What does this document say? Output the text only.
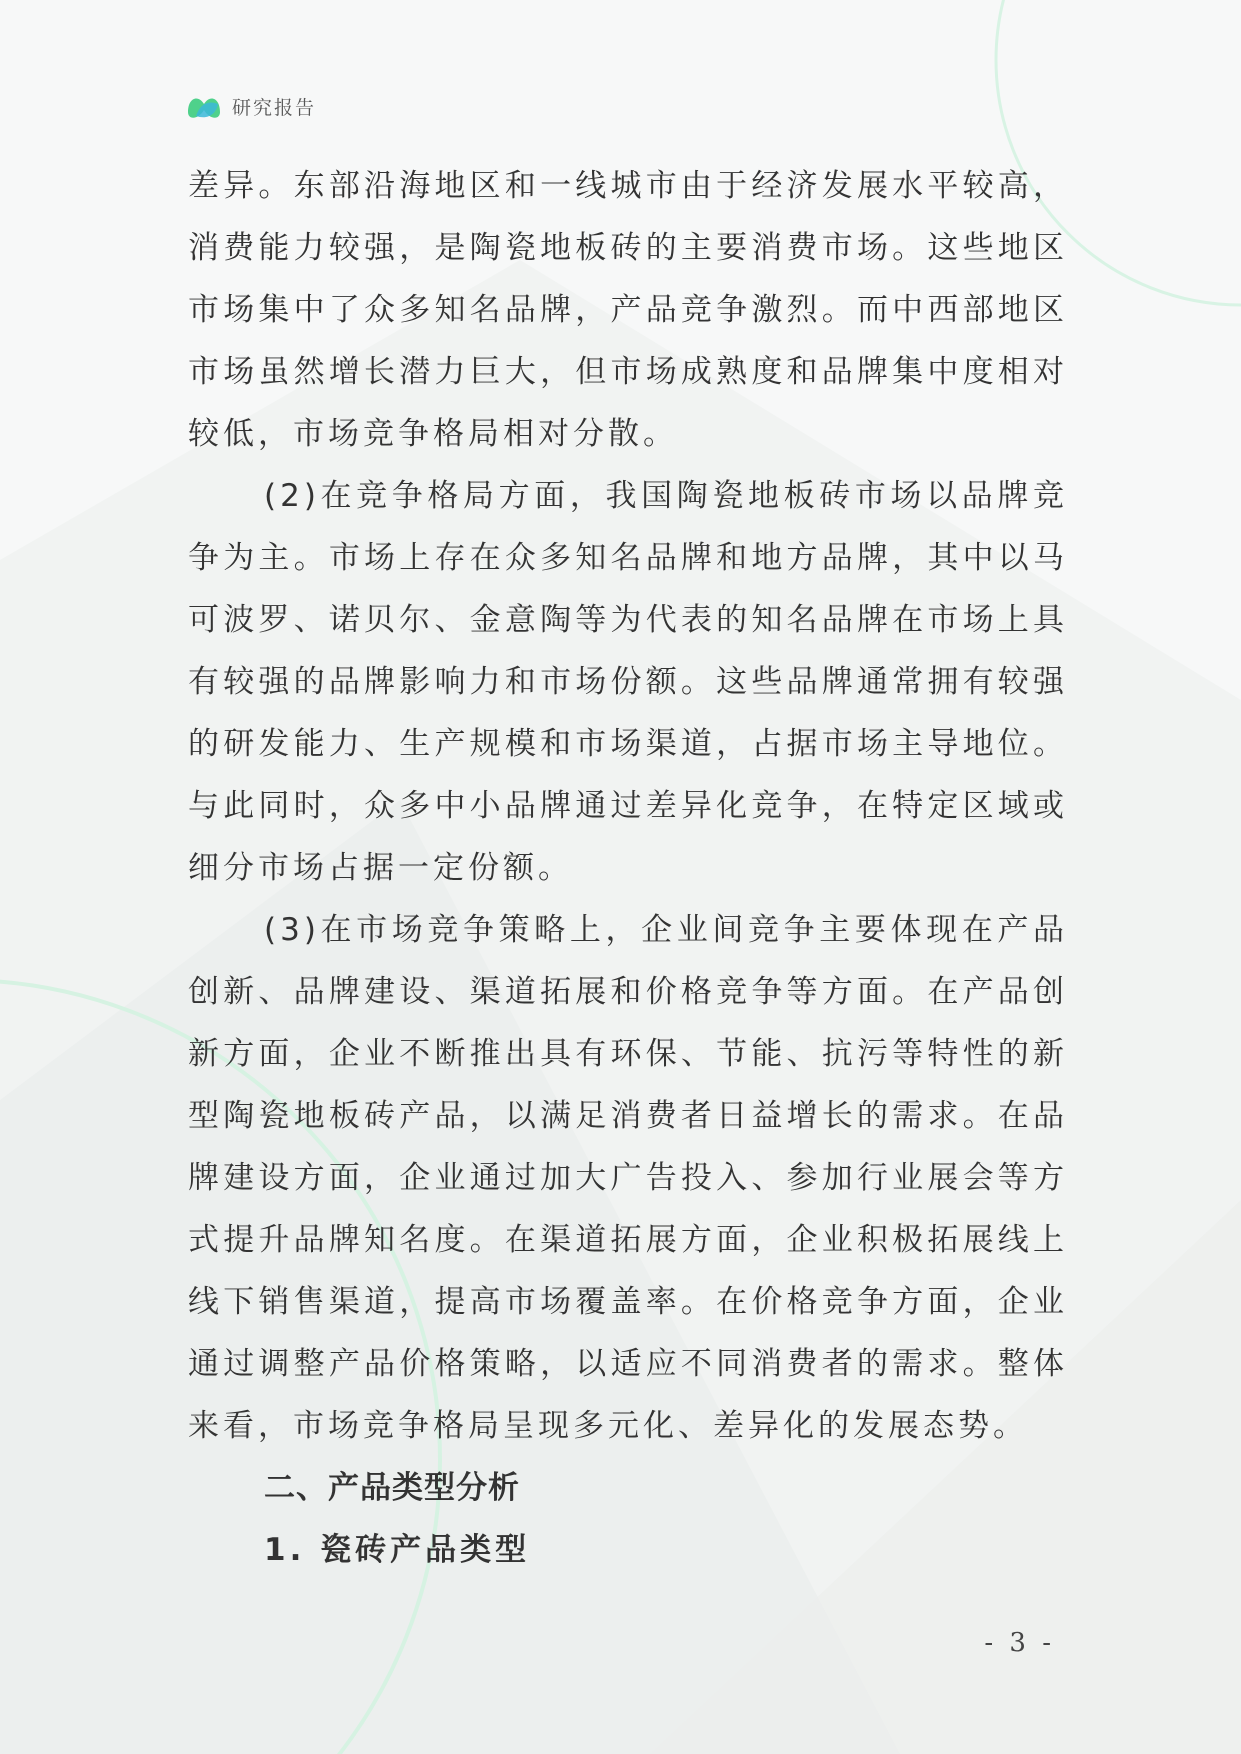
研究报告

差异。东部沿海地区和一线城市由于经济发展水平较高，消费能力较强，是陶瓷地板砖的主要消费市场。这些地区市场集中了众多知名品牌，产品竞争激烈。而中西部地区市场虽然增长潜力巨大，但市场成熟度和品牌集中度相对较低，市场竞争格局相对分散。

(2)在竞争格局方面，我国陶瓷地板砖市场以品牌竞争为主。市场上存在众多知名品牌和地方品牌，其中以马可波罗、诺贝尔、金意陶等为代表的知名品牌在市场上具有较强的品牌影响力和市场份额。这些品牌通常拥有较强的研发能力、生产规模和市场渠道，占据市场主导地位。与此同时，众多中小品牌通过差异化竞争，在特定区域或细分市场占据一定份额。

(3)在市场竞争策略上，企业间竞争主要体现在产品创新、品牌建设、渠道拓展和价格竞争等方面。在产品创新方面，企业不断推出具有环保、节能、抗污等特性的新型陶瓷地板砖产品，以满足消费者日益增长的需求。在品牌建设方面，企业通过加大广告投入、参加行业展会等方式提升品牌知名度。在渠道拓展方面，企业积极拓展线上线下销售渠道，提高市场覆盖率。在价格竞争方面，企业通过调整产品价格策略，以适应不同消费者的需求。整体来看，市场竞争格局呈现多元化、差异化的发展态势。

二、产品类型分析
1. 瓷砖产品类型
- 3 -
